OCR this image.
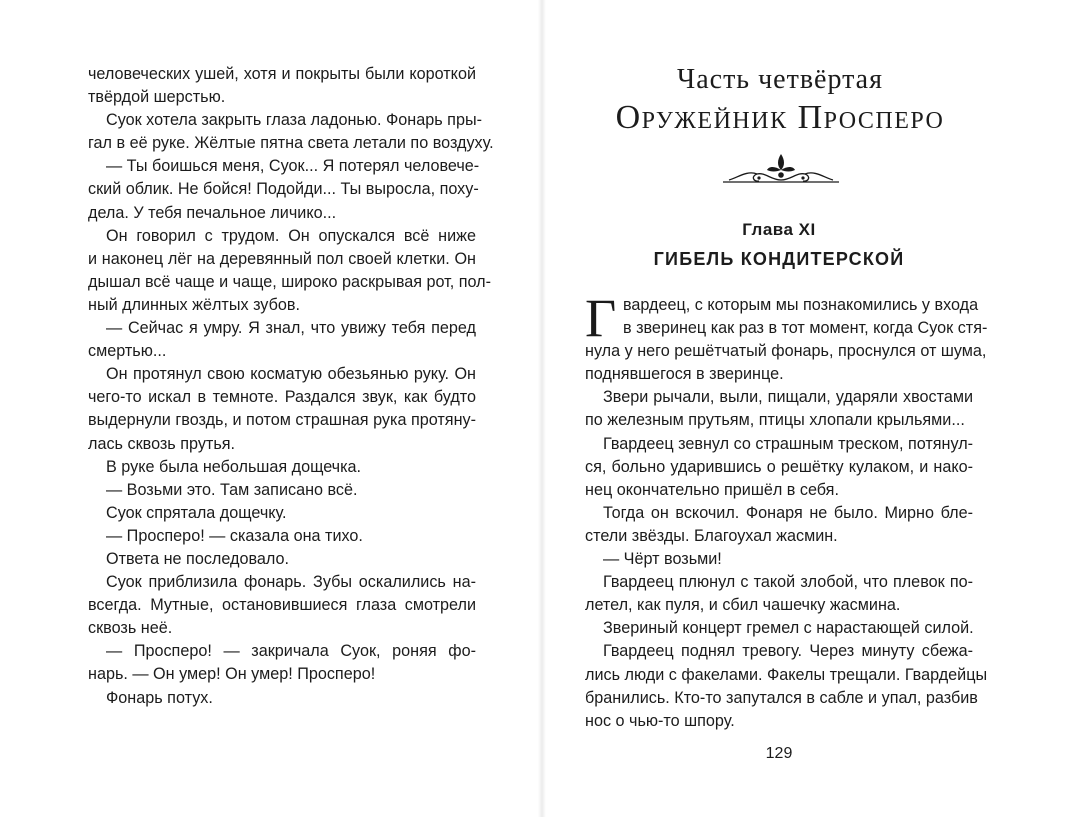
человеческих ушей, хотя и покрыты были короткой
твёрдой шерстью.
Суок хотела закрыть глаза ладонью. Фонарь пры-
гал в её руке. Жёлтые пятна света летали по воздуху.
— Ты боишься меня, Суок... Я потерял человече-
ский облик. Не бойся! Подойди... Ты выросла, поху-
дела. У тебя печальное личико...
Он говорил с трудом. Он опускался всё ниже
и наконец лёг на деревянный пол своей клетки. Он
дышал всё чаще и чаще, широко раскрывая рот, пол-
ный длинных жёлтых зубов.
— Сейчас я умру. Я знал, что увижу тебя перед
смертью...
Он протянул свою косматую обезьянью руку. Он
чего-то искал в темноте. Раздался звук, как будто
выдернули гвоздь, и потом страшная рука протяну-
лась сквозь прутья.
В руке была небольшая дощечка.
— Возьми это. Там записано всё.
Суок спрятала дощечку.
— Просперо! — сказала она тихо.
Ответа не последовало.
Суок приблизила фонарь. Зубы оскалились на-
всегда. Мутные, остановившиеся глаза смотрели
сквозь неё.
— Просперо! — закричала Суок, роняя фо-
нарь. — Он умер! Он умер! Просперо!
Фонарь потух.
Часть четвёртая
Оружейник Просперо
Глава XI
ГИБЕЛЬ КОНДИТЕРСКОЙ
Г вардеец, с которым мы познакомились у входа
в зверинец как раз в тот момент, когда Суок стя-
нула у него решётчатый фонарь, проснулся от шума,
поднявшегося в зверинце.
Звери рычали, выли, пищали, ударяли хвостами
по железным прутьям, птицы хлопали крыльями...
Гвардеец зевнул со страшным треском, потянул-
ся, больно ударившись о решётку кулаком, и нако-
нец окончательно пришёл в себя.
Тогда он вскочил. Фонаря не было. Мирно бле-
стели звёзды. Благоухал жасмин.
— Чёрт возьми!
Гвардеец плюнул с такой злобой, что плевок по-
летел, как пуля, и сбил чашечку жасмина.
Звериный концерт гремел с нарастающей силой.
Гвардеец поднял тревогу. Через минуту сбежа-
лись люди с факелами. Факелы трещали. Гвардейцы
бранились. Кто-то запутался в сабле и упал, разбив
нос о чью-то шпору.
129
